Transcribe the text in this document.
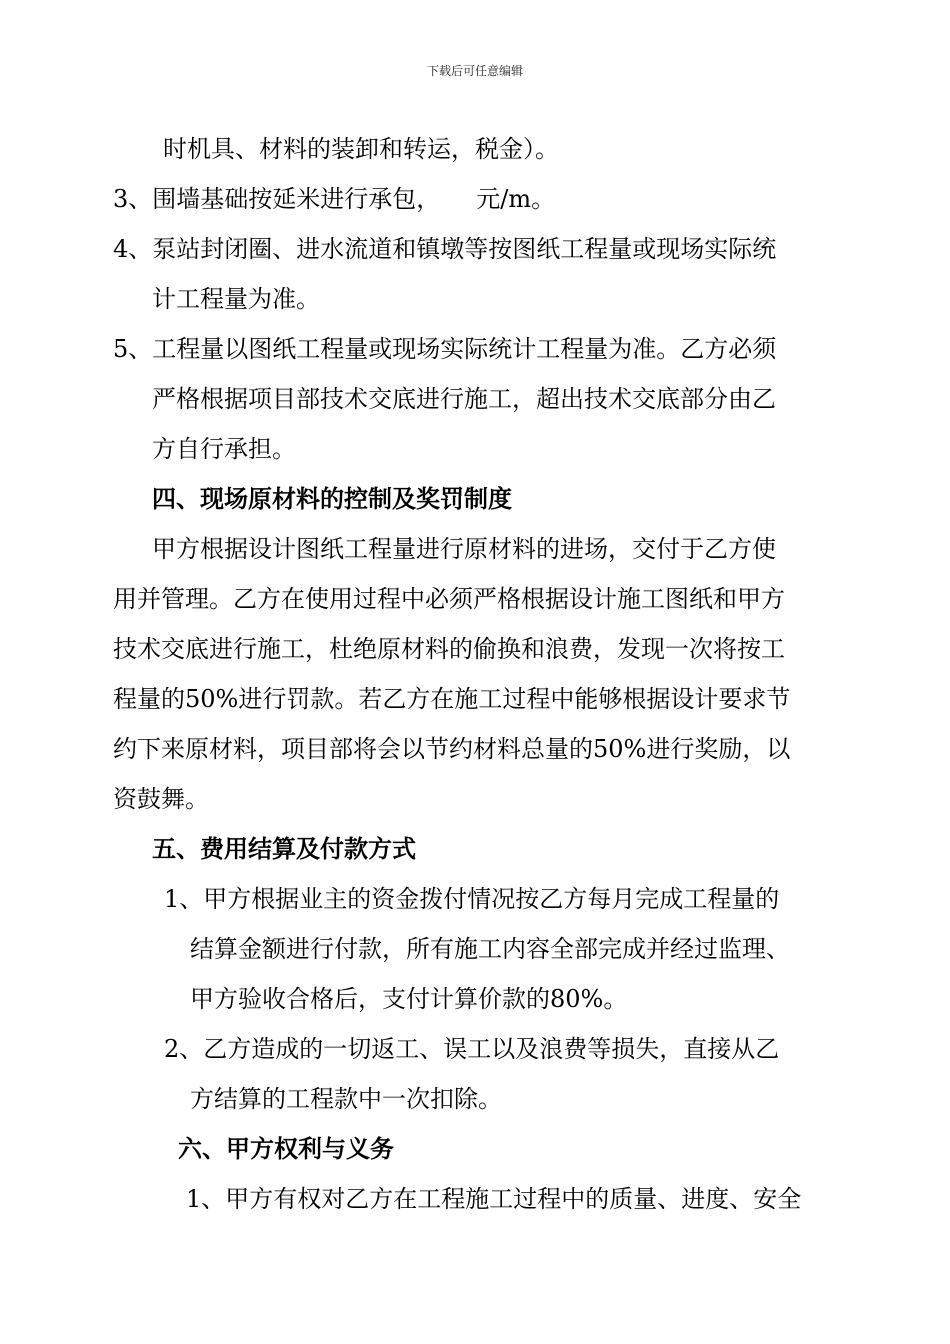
下载后可任意编辑
时机具、材料的装卸和转运，税金）。
3、围墙基础按延米进行承包，　　元/m。
4、泵站封闭圈、进水流道和镇墩等按图纸工程量或现场实际统
计工程量为准。
5、工程量以图纸工程量或现场实际统计工程量为准。乙方必须
严格根据项目部技术交底进行施工，超出技术交底部分由乙
方自行承担。
四、现场原材料的控制及奖罚制度
甲方根据设计图纸工程量进行原材料的进场，交付于乙方使
用并管理。乙方在使用过程中必须严格根据设计施工图纸和甲方
技术交底进行施工，杜绝原材料的偷换和浪费，发现一次将按工
程量的50%进行罚款。若乙方在施工过程中能够根据设计要求节
约下来原材料，项目部将会以节约材料总量的50%进行奖励，以
资鼓舞。
五、费用结算及付款方式
1、甲方根据业主的资金拨付情况按乙方每月完成工程量的
结算金额进行付款，所有施工内容全部完成并经过监理、
甲方验收合格后，支付计算价款的80%。
2、乙方造成的一切返工、误工以及浪费等损失，直接从乙
方结算的工程款中一次扣除。
六、甲方权利与义务
1、甲方有权对乙方在工程施工过程中的质量、进度、安全
